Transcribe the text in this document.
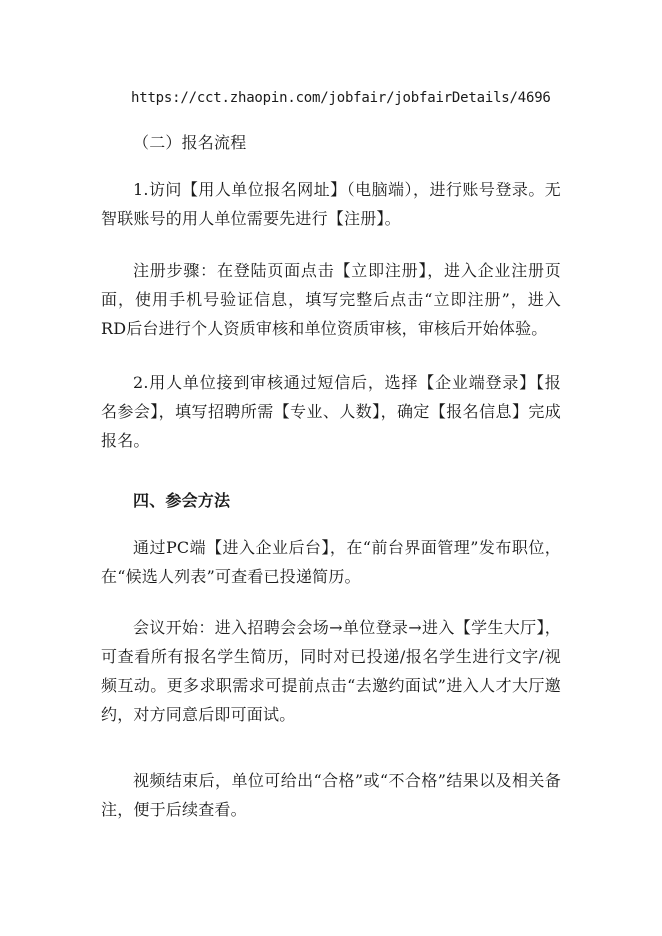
https://cct.zhaopin.com/jobfair/jobfairDetails/4696

（二）报名流程

1.访问【用人单位报名网址】（电脑端），进行账号登录。无智联账号的用人单位需要先进行【注册】。

注册步骤：在登陆页面点击【立即注册】，进入企业注册页面，使用手机号验证信息，填写完整后点击“立即注册”，进入RD后台进行个人资质审核和单位资质审核，审核后开始体验。

2.用人单位接到审核通过短信后，选择【企业端登录】【报名参会】，填写招聘所需【专业、人数】，确定【报名信息】完成报名。

四、参会方法

通过PC端【进入企业后台】，在“前台界面管理”发布职位，在“候选人列表”可查看已投递简历。

会议开始：进入招聘会会场→单位登录→进入【学生大厅】，可查看所有报名学生简历，同时对已投递/报名学生进行文字/视频互动。更多求职需求可提前点击“去邀约面试”进入人才大厅邀约，对方同意后即可面试。

视频结束后，单位可给出“合格”或“不合格”结果以及相关备注，便于后续查看。
